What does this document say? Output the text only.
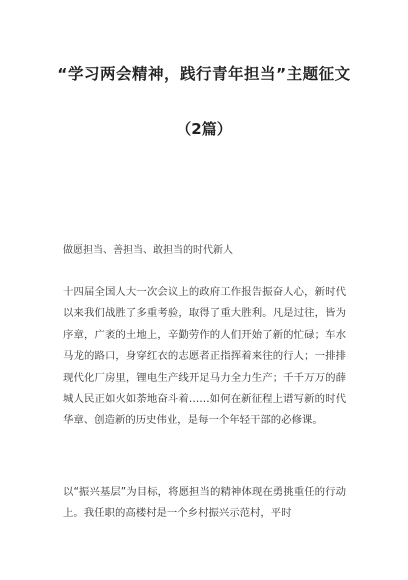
“学习两会精神，践行青年担当”主题征文
（2篇）

做愿担当、善担当、敢担当的时代新人

十四届全国人大一次会议上的政府工作报告振奋人心，新时代以来我们战胜了多重考验，取得了重大胜利。凡是过往，皆为序章，广袤的土地上，辛勤劳作的人们开始了新的忙碌；车水马龙的路口，身穿红衣的志愿者正指挥着来往的行人；一排排现代化厂房里，锂电生产线开足马力全力生产；千千万万的薛城人民正如火如荼地奋斗着……如何在新征程上谱写新的时代华章、创造新的历史伟业，是每一个年轻干部的必修课。

以“振兴基层”为目标，将愿担当的精神体现在勇挑重任的行动上。我任职的高楼村是一个乡村振兴示范村，平时
